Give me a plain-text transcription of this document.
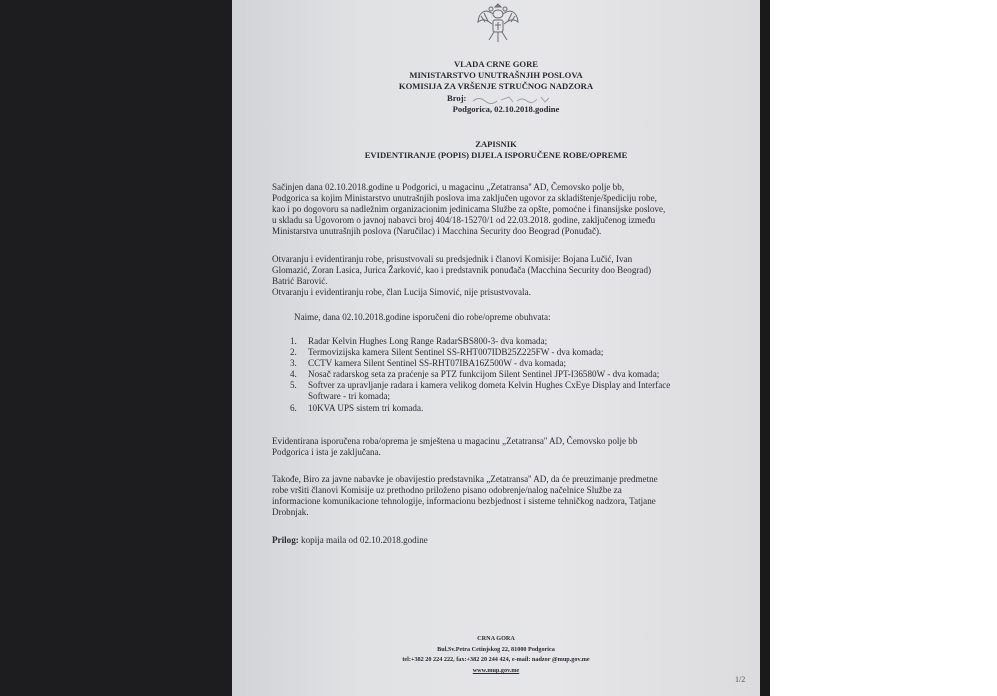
VLADA CRNE GORE
MINISTARSTVO UNUTRAŠNJIH POSLOVA
KOMISIJA ZA VRŠENJE STRUČNOG NADZORA
Broj:
Podgorica, 02.10.2018.godine
ZAPISNIK
EVIDENTIRANJE (POPIS) DIJELA ISPORUČENE ROBE/OPREME
Sačinjen dana 02.10.2018.godine u Podgorici, u magacinu „Zetatransa'' AD, Čemovsko polje bb,
Podgorica sa kojim Ministarstvo unutrašnjih poslova ima zaključen ugovor za skladištenje/špediciju robe,
kao i po dogovoru sa nadležnim organizacionim jedinicama Službe za opšte, pomoćne i finansijske poslove,
u skladu sa Ugovorom o javnoj nabavci broj 404/18-15270/1 od 22.03.2018. godine, zaključenog između
Ministarstva unutrašnjih poslova (Naručilac) i Macchina Security doo Beograd (Ponuđač).
Otvaranju i evidentiranju robe, prisustvovali su predsjednik i članovi Komisije: Bojana Lučić, Ivan
Glomazić, Zoran Lasica, Jurica Žarković, kao i predstavnik ponuđača (Macchina Security doo Beograd)
Batrić Barović.
Otvaranju i evidentiranju robe, član Lucija Simović, nije prisustvovala.
Naime, dana 02.10.2018.godine isporučeni dio robe/opreme obuhvata:
1. Radar Kelvin Hughes Long Range RadarSBS800-3- dva komada;
2. Termovizijska kamera Silent Sentinel SS-RHT007IDB25Z225FW - dva komada;
3. CCTV kamera Silent Sentinel SS-RHT07IBA16Z500W - dva komada;
4. Nosač radarskog seta za praćenje sa PTZ funkcijom Silent Sentinel JPT-I36580W - dva komada;
5. Softver za upravljanje radara i kamera velikog dometa Kelvin Hughes CxEye Display and Interface
Software - tri komada;
6. 10KVA UPS sistem tri komada.
Evidentirana isporučena roba/oprema je smještena u magacinu „Zetatransa'' AD, Čemovsko polje bb
Podgorica i ista je zaključana.
Takođe, Biro za javne nabavke je obavijestio predstavnika „Zetatransa'' AD, da će preuzimanje predmetne
robe vršiti članovi Komisije uz prethodno priloženo pisano odobrenje/nalog načelnice Službe za
informacione komunikacione tehnologije, informacionu bezbjednost i sisteme tehničkog nadzora, Tatjane
Drobnjak.
Prilog: kopija maila od 02.10.2018.godine
CRNA GORA
Bul.Sv.Petra Cetinjskog 22, 81000 Podgorica
tel:+382 20 224 222, fax:+382 20 244 424, e-mail: nadzor @mup.gov.me
www.mup.gov.me
1/2
